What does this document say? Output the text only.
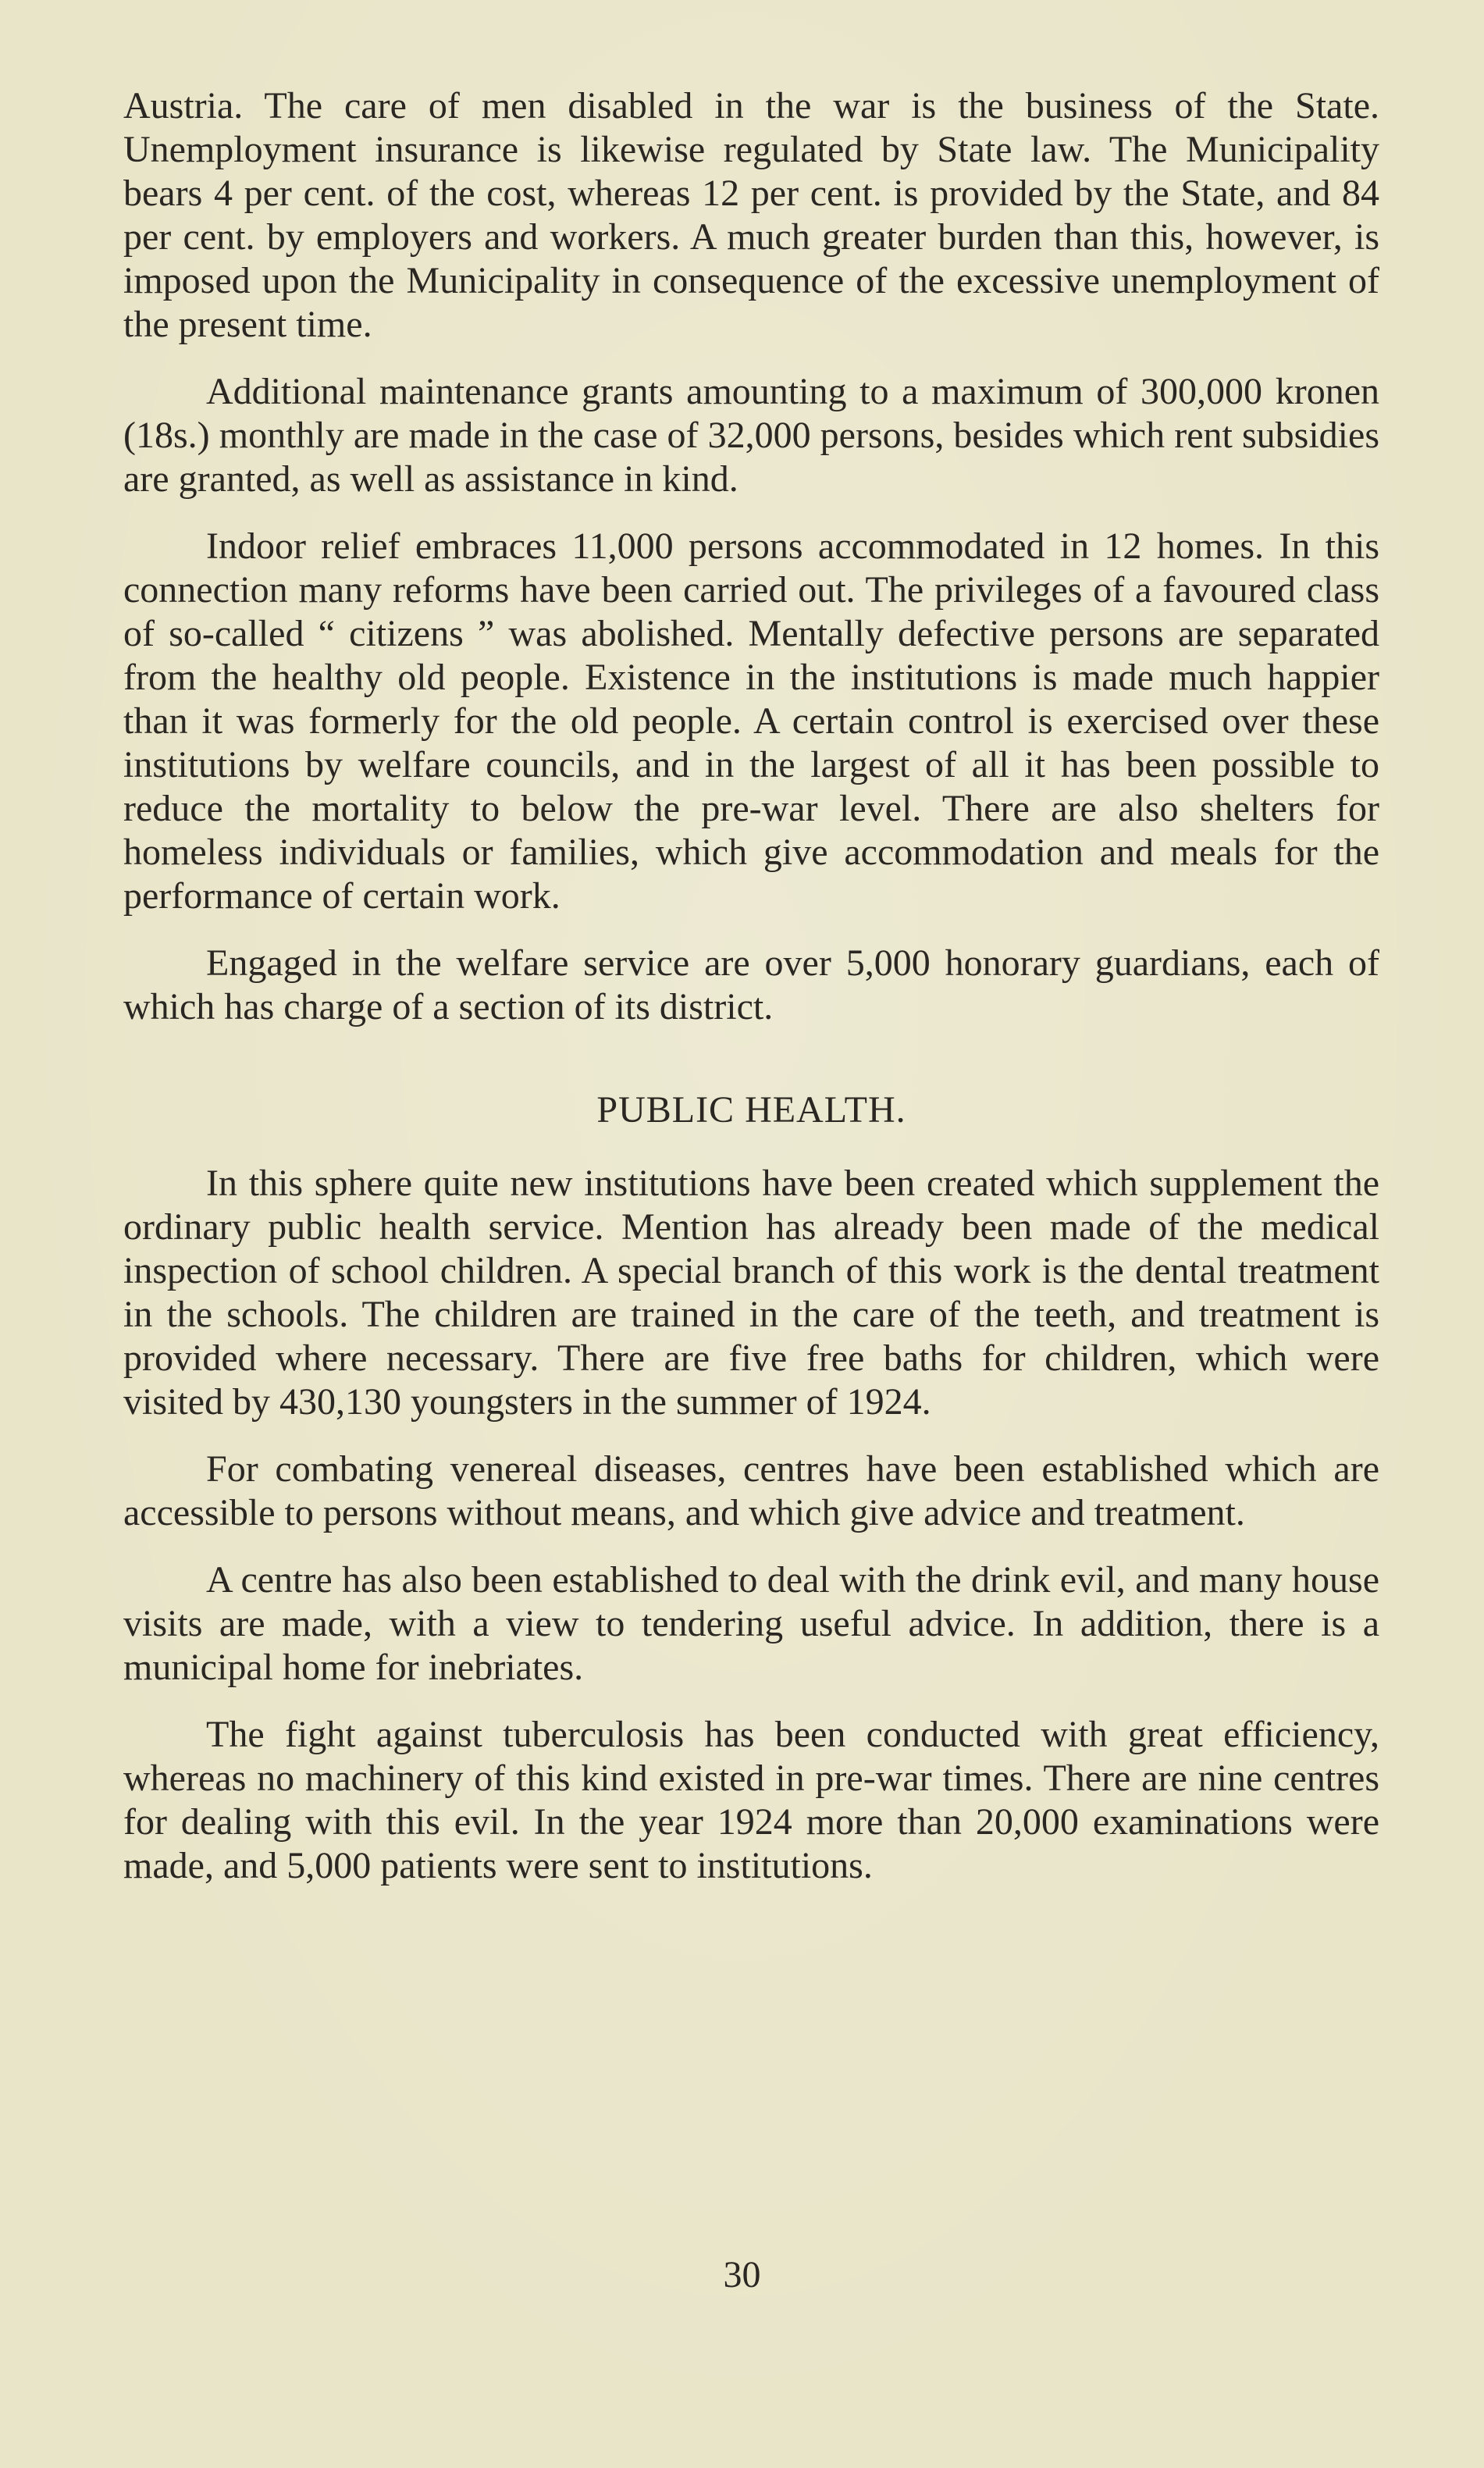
Austria. The care of men disabled in the war is the business of the State. Unemployment insurance is likewise regulated by State law. The Municipality bears 4 per cent. of the cost, whereas 12 per cent. is provided by the State, and 84 per cent. by employers and workers. A much greater burden than this, however, is imposed upon the Municipality in consequence of the excessive unemployment of the present time.

Additional maintenance grants amounting to a maximum of 300,000 kronen (18s.) monthly are made in the case of 32,000 persons, besides which rent subsidies are granted, as well as assistance in kind.

Indoor relief embraces 11,000 persons accommodated in 12 homes. In this connection many reforms have been carried out. The privileges of a favoured class of so-called “ citizens ” was abolished. Mentally defective persons are separated from the healthy old people. Existence in the institutions is made much happier than it was formerly for the old people. A certain control is exercised over these institutions by welfare councils, and in the largest of all it has been possible to reduce the mortality to below the pre-war level. There are also shelters for homeless individuals or families, which give accommodation and meals for the performance of certain work.

Engaged in the welfare service are over 5,000 honorary guardians, each of which has charge of a section of its district.

PUBLIC HEALTH.

In this sphere quite new institutions have been created which supplement the ordinary public health service. Mention has already been made of the medical inspection of school children. A special branch of this work is the dental treatment in the schools. The children are trained in the care of the teeth, and treatment is provided where necessary. There are five free baths for children, which were visited by 430,130 youngsters in the summer of 1924.

For combating venereal diseases, centres have been established which are accessible to persons without means, and which give advice and treatment.

A centre has also been established to deal with the drink evil, and many house visits are made, with a view to tendering useful advice. In addition, there is a municipal home for inebriates.

The fight against tuberculosis has been conducted with great efficiency, whereas no machinery of this kind existed in pre-war times. There are nine centres for dealing with this evil. In the year 1924 more than 20,000 examinations were made, and 5,000 patients were sent to institutions.

30
